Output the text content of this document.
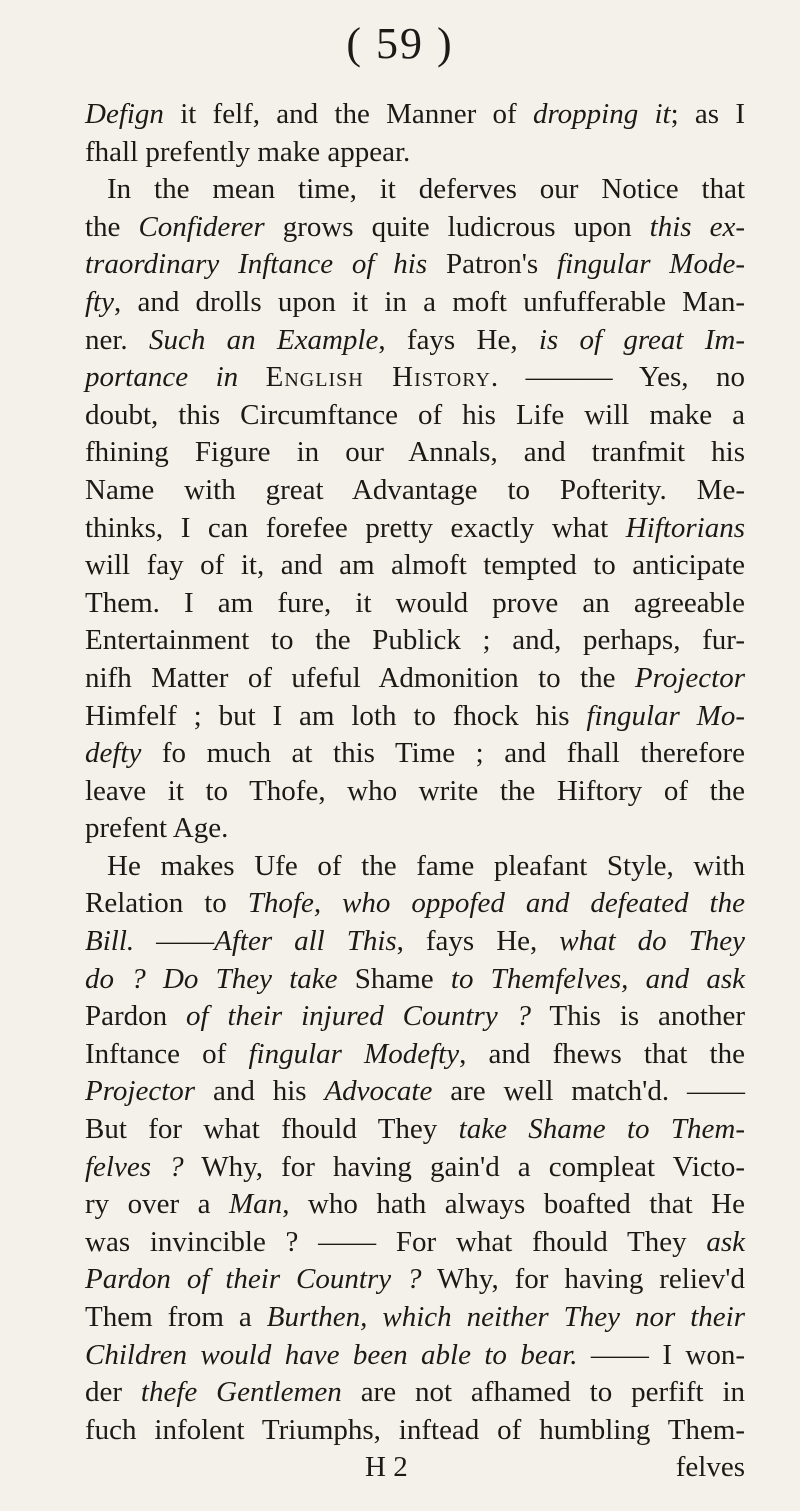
( 59 )
Defign it felf, and the Manner of dropping it; as I
fhall prefently make appear.
In the mean time, it deferves our Notice that
the Confiderer grows quite ludicrous upon this ex-
traordinary Inftance of his Patron's fingular Mode-
fty, and drolls upon it in a moft unfufferable Man-
ner. Such an Example, fays He, is of great Im-
portance in English History. ——— Yes, no
doubt, this Circumftance of his Life will make a
fhining Figure in our Annals, and tranfmit his
Name with great Advantage to Pofterity. Me-
thinks, I can forefee pretty exactly what Hiftorians
will fay of it, and am almoft tempted to anticipate
Them. I am fure, it would prove an agreeable
Entertainment to the Publick ; and, perhaps, fur-
nifh Matter of ufeful Admonition to the Projector
Himfelf ; but I am loth to fhock his fingular Mo-
defty fo much at this Time ; and fhall therefore
leave it to Thofe, who write the Hiftory of the
prefent Age.
He makes Ufe of the fame pleafant Style, with
Relation to Thofe, who oppofed and defeated the
Bill. ——After all This, fays He, what do They
do ? Do They take Shame to Themfelves, and ask
Pardon of their injured Country ? This is another
Inftance of fingular Modefty, and fhews that the
Projector and his Advocate are well match'd. ——
But for what fhould They take Shame to Them-
felves ? Why, for having gain'd a compleat Victo-
ry over a Man, who hath always boafted that He
was invincible ? —— For what fhould They ask
Pardon of their Country ? Why, for having reliev'd
Them from a Burthen, which neither They nor their
Children would have been able to bear. —— I won-
der thefe Gentlemen are not afhamed to perfift in
fuch infolent Triumphs, inftead of humbling Them-
H 2	felves
